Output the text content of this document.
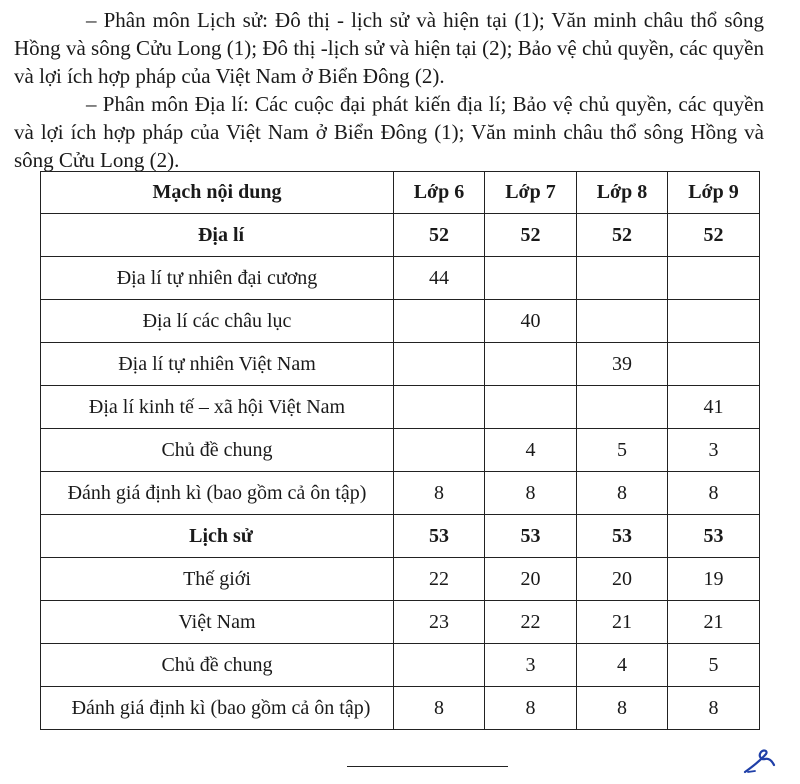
– Phân môn Lịch sử: Đô thị - lịch sử và hiện tại (1); Văn minh châu thổ sông Hồng và sông Cửu Long (1); Đô thị -lịch sử và hiện tại (2); Bảo vệ chủ quyền, các quyền và lợi ích hợp pháp của Việt Nam ở Biển Đông (2).

– Phân môn Địa lí: Các cuộc đại phát kiến địa lí; Bảo vệ chủ quyền, các quyền và lợi ích hợp pháp của Việt Nam ở Biển Đông (1); Văn minh châu thổ sông Hồng và sông Cửu Long (2).

Mạch nội dung	Lớp 6	Lớp 7	Lớp 8	Lớp 9
Địa lí	52	52	52	52
Địa lí tự nhiên đại cương	44			
Địa lí các châu lục		40		
Địa lí tự nhiên Việt Nam			39	
Địa lí kinh tế – xã hội Việt Nam				41
Chủ đề chung		4	5	3
Đánh giá định kì (bao gồm cả ôn tập)	8	8	8	8
Lịch sử	53	53	53	53
Thế giới	22	20	20	19
Việt Nam	23	22	21	21
Chủ đề chung		3	4	5
Đánh giá định kì (bao gồm cả ôn tập)	8	8	8	8
